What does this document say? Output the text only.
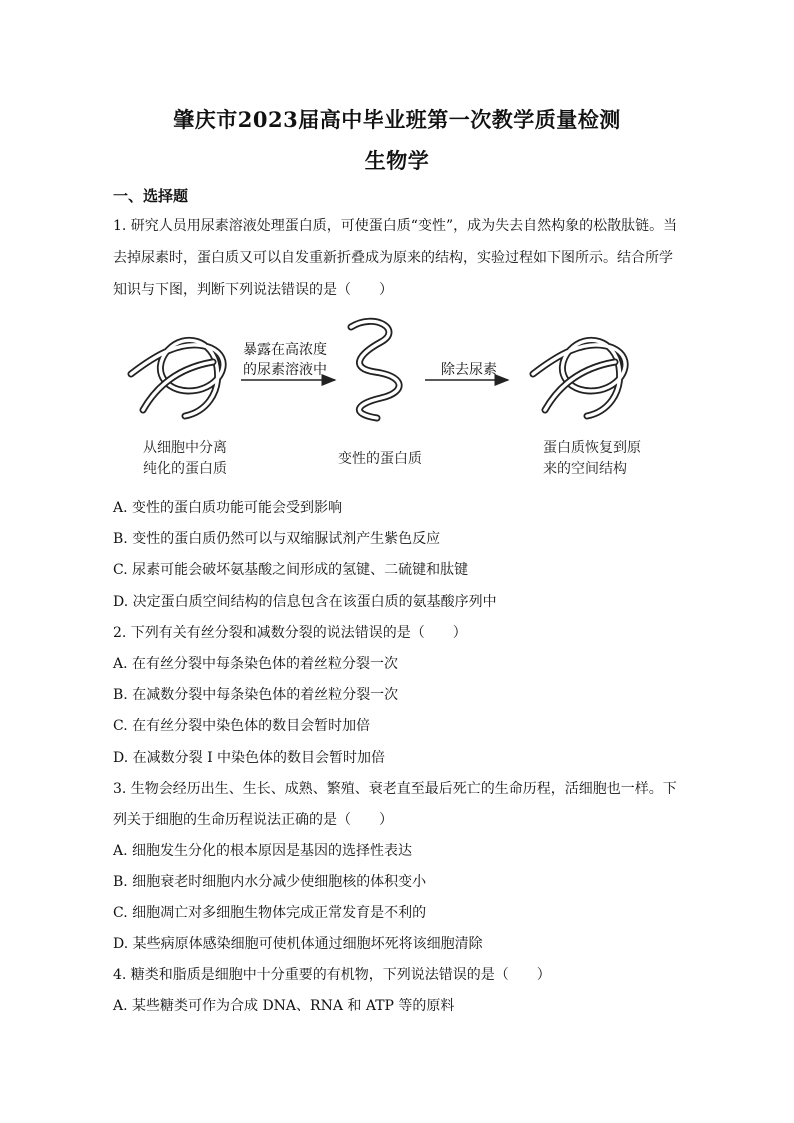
肇庆市2023届高中毕业班第一次教学质量检测
生物学
一、选择题
1. 研究人员用尿素溶液处理蛋白质，可使蛋白质“变性”，成为失去自然构象的松散肽链。当
去掉尿素时，蛋白质又可以自发重新折叠成为原来的结构，实验过程如下图所示。结合所学
知识与下图，判断下列说法错误的是（　　）
暴露在高浓度
的尿素溶液中	除去尿素
从细胞中分离
纯化的蛋白质
变性的蛋白质
蛋白质恢复到原
来的空间结构
A. 变性的蛋白质功能可能会受到影响
B. 变性的蛋白质仍然可以与双缩脲试剂产生紫色反应
C. 尿素可能会破坏氨基酸之间形成的氢键、二硫键和肽键
D. 决定蛋白质空间结构的信息包含在该蛋白质的氨基酸序列中
2. 下列有关有丝分裂和减数分裂的说法错误的是（　　）
A. 在有丝分裂中每条染色体的着丝粒分裂一次
B. 在减数分裂中每条染色体的着丝粒分裂一次
C. 在有丝分裂中染色体的数目会暂时加倍
D. 在减数分裂 I 中染色体的数目会暂时加倍
3. 生物会经历出生、生长、成熟、繁殖、衰老直至最后死亡的生命历程，活细胞也一样。下
列关于细胞的生命历程说法正确的是（　　）
A. 细胞发生分化的根本原因是基因的选择性表达
B. 细胞衰老时细胞内水分减少使细胞核的体积变小
C. 细胞凋亡对多细胞生物体完成正常发育是不利的
D. 某些病原体感染细胞可使机体通过细胞坏死将该细胞清除
4. 糖类和脂质是细胞中十分重要的有机物，下列说法错误的是（　　）
A. 某些糖类可作为合成 DNA、RNA 和 ATP 等的原料
